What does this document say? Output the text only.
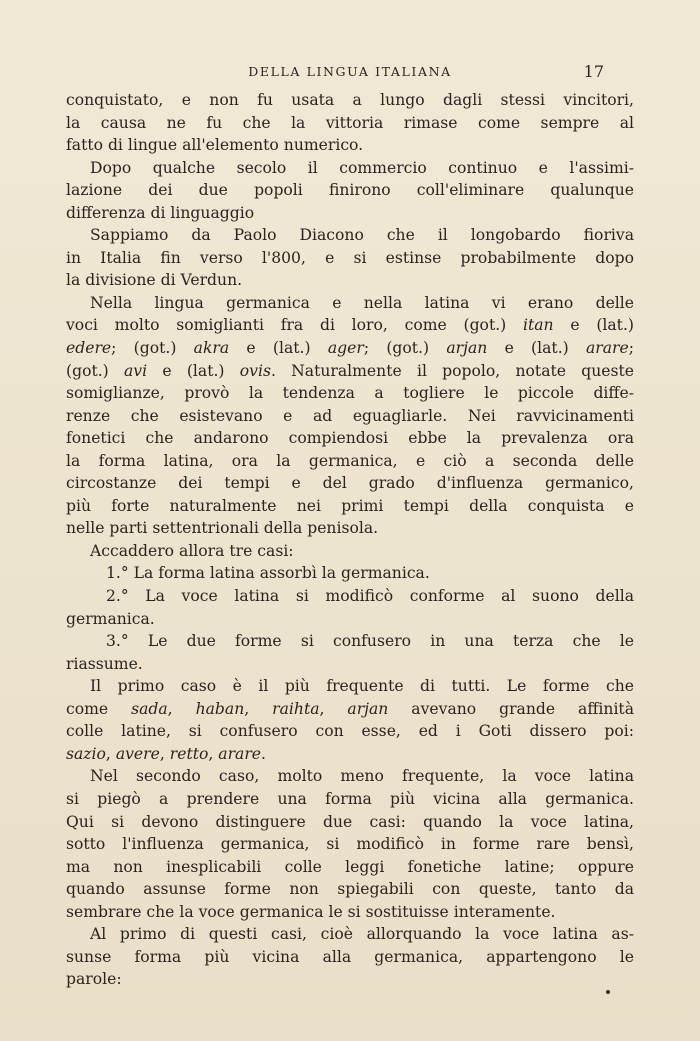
DELLA LINGUA ITALIANA	17
conquistato, e non fu usata a lungo dagli stessi vincitori,
la causa ne fu che la vittoria rimase come sempre al
fatto di lingue all'elemento numerico.
Dopo qualche secolo il commercio continuo e l'assimi-
lazione dei due popoli finirono coll'eliminare qualunque
differenza di linguaggio
Sappiamo da Paolo Diacono che il longobardo fioriva
in Italia fin verso l'800, e si estinse probabilmente dopo
la divisione di Verdun.
Nella lingua germanica e nella latina vi erano delle
voci molto somiglianti fra di loro, come (got.) itan e (lat.)
edere; (got.) akra e (lat.) ager; (got.) arjan e (lat.) arare;
(got.) avi e (lat.) ovis. Naturalmente il popolo, notate queste
somiglianze, provò la tendenza a togliere le piccole diffe-
renze che esistevano e ad eguagliarle. Nei ravvicinamenti
fonetici che andarono compiendosi ebbe la prevalenza ora
la forma latina, ora la germanica, e ciò a seconda delle
circostanze dei tempi e del grado d'influenza germanico,
più forte naturalmente nei primi tempi della conquista e
nelle parti settentrionali della penisola.
Accaddero allora tre casi:
1.° La forma latina assorbì la germanica.
2.° La voce latina si modificò conforme al suono della
germanica.
3.° Le due forme si confusero in una terza che le
riassume.
Il primo caso è il più frequente di tutti. Le forme che
come sada, haban, raihta, arjan avevano grande affinità
colle latine, si confusero con esse, ed i Goti dissero poi:
sazio, avere, retto, arare.
Nel secondo caso, molto meno frequente, la voce latina
si piegò a prendere una forma più vicina alla germanica.
Qui si devono distinguere due casi: quando la voce latina,
sotto l'influenza germanica, si modificò in forme rare bensì,
ma non inesplicabili colle leggi fonetiche latine; oppure
quando assunse forme non spiegabili con queste, tanto da
sembrare che la voce germanica le si sostituisse interamente.
Al primo di questi casi, cioè allorquando la voce latina as-
sunse forma più vicina alla germanica, appartengono le
parole:
